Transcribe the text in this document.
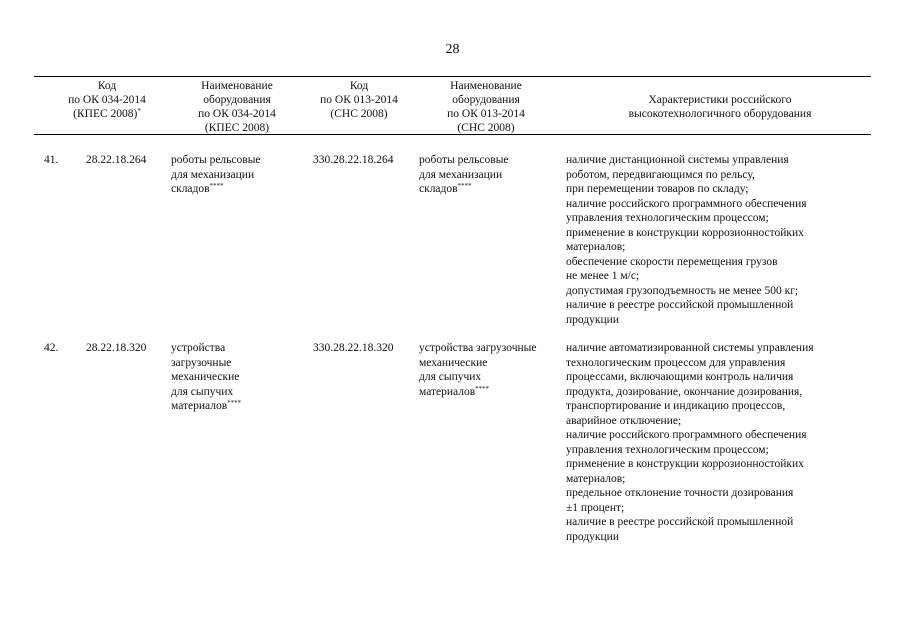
28
Код
по ОК 034-2014
(КПЕС 2008)*
Наименование
оборудования
по ОК 034-2014
(КПЕС 2008)
Код
по ОК 013-2014
(СНС 2008)
Наименование
оборудования
по ОК 013-2014
(СНС 2008)
Характеристики российского
высокотехнологичного оборудования
41. 28.22.18.264 роботы рельсовые
для механизации
складов****
330.28.22.18.264 роботы рельсовые
для механизации
складов****
наличие дистанционной системы управления
роботом, передвигающимся по рельсу,
при перемещении товаров по складу;
наличие российского программного обеспечения
управления технологическим процессом;
применение в конструкции коррозионностойких
материалов;
обеспечение скорости перемещения грузов
не менее 1 м/с;
допустимая грузоподъемность не менее 500 кг;
наличие в реестре российской промышленной
продукции
42. 28.22.18.320 устройства
загрузочные
механические
для сыпучих
материалов****
330.28.22.18.320 устройства загрузочные
механические
для сыпучих
материалов****
наличие автоматизированной системы управления
технологическим процессом для управления
процессами, включающими контроль наличия
продукта, дозирование, окончание дозирования,
транспортирование и индикацию процессов,
аварийное отключение;
наличие российского программного обеспечения
управления технологическим процессом;
применение в конструкции коррозионностойких
материалов;
предельное отклонение точности дозирования
±1 процент;
наличие в реестре российской промышленной
продукции
